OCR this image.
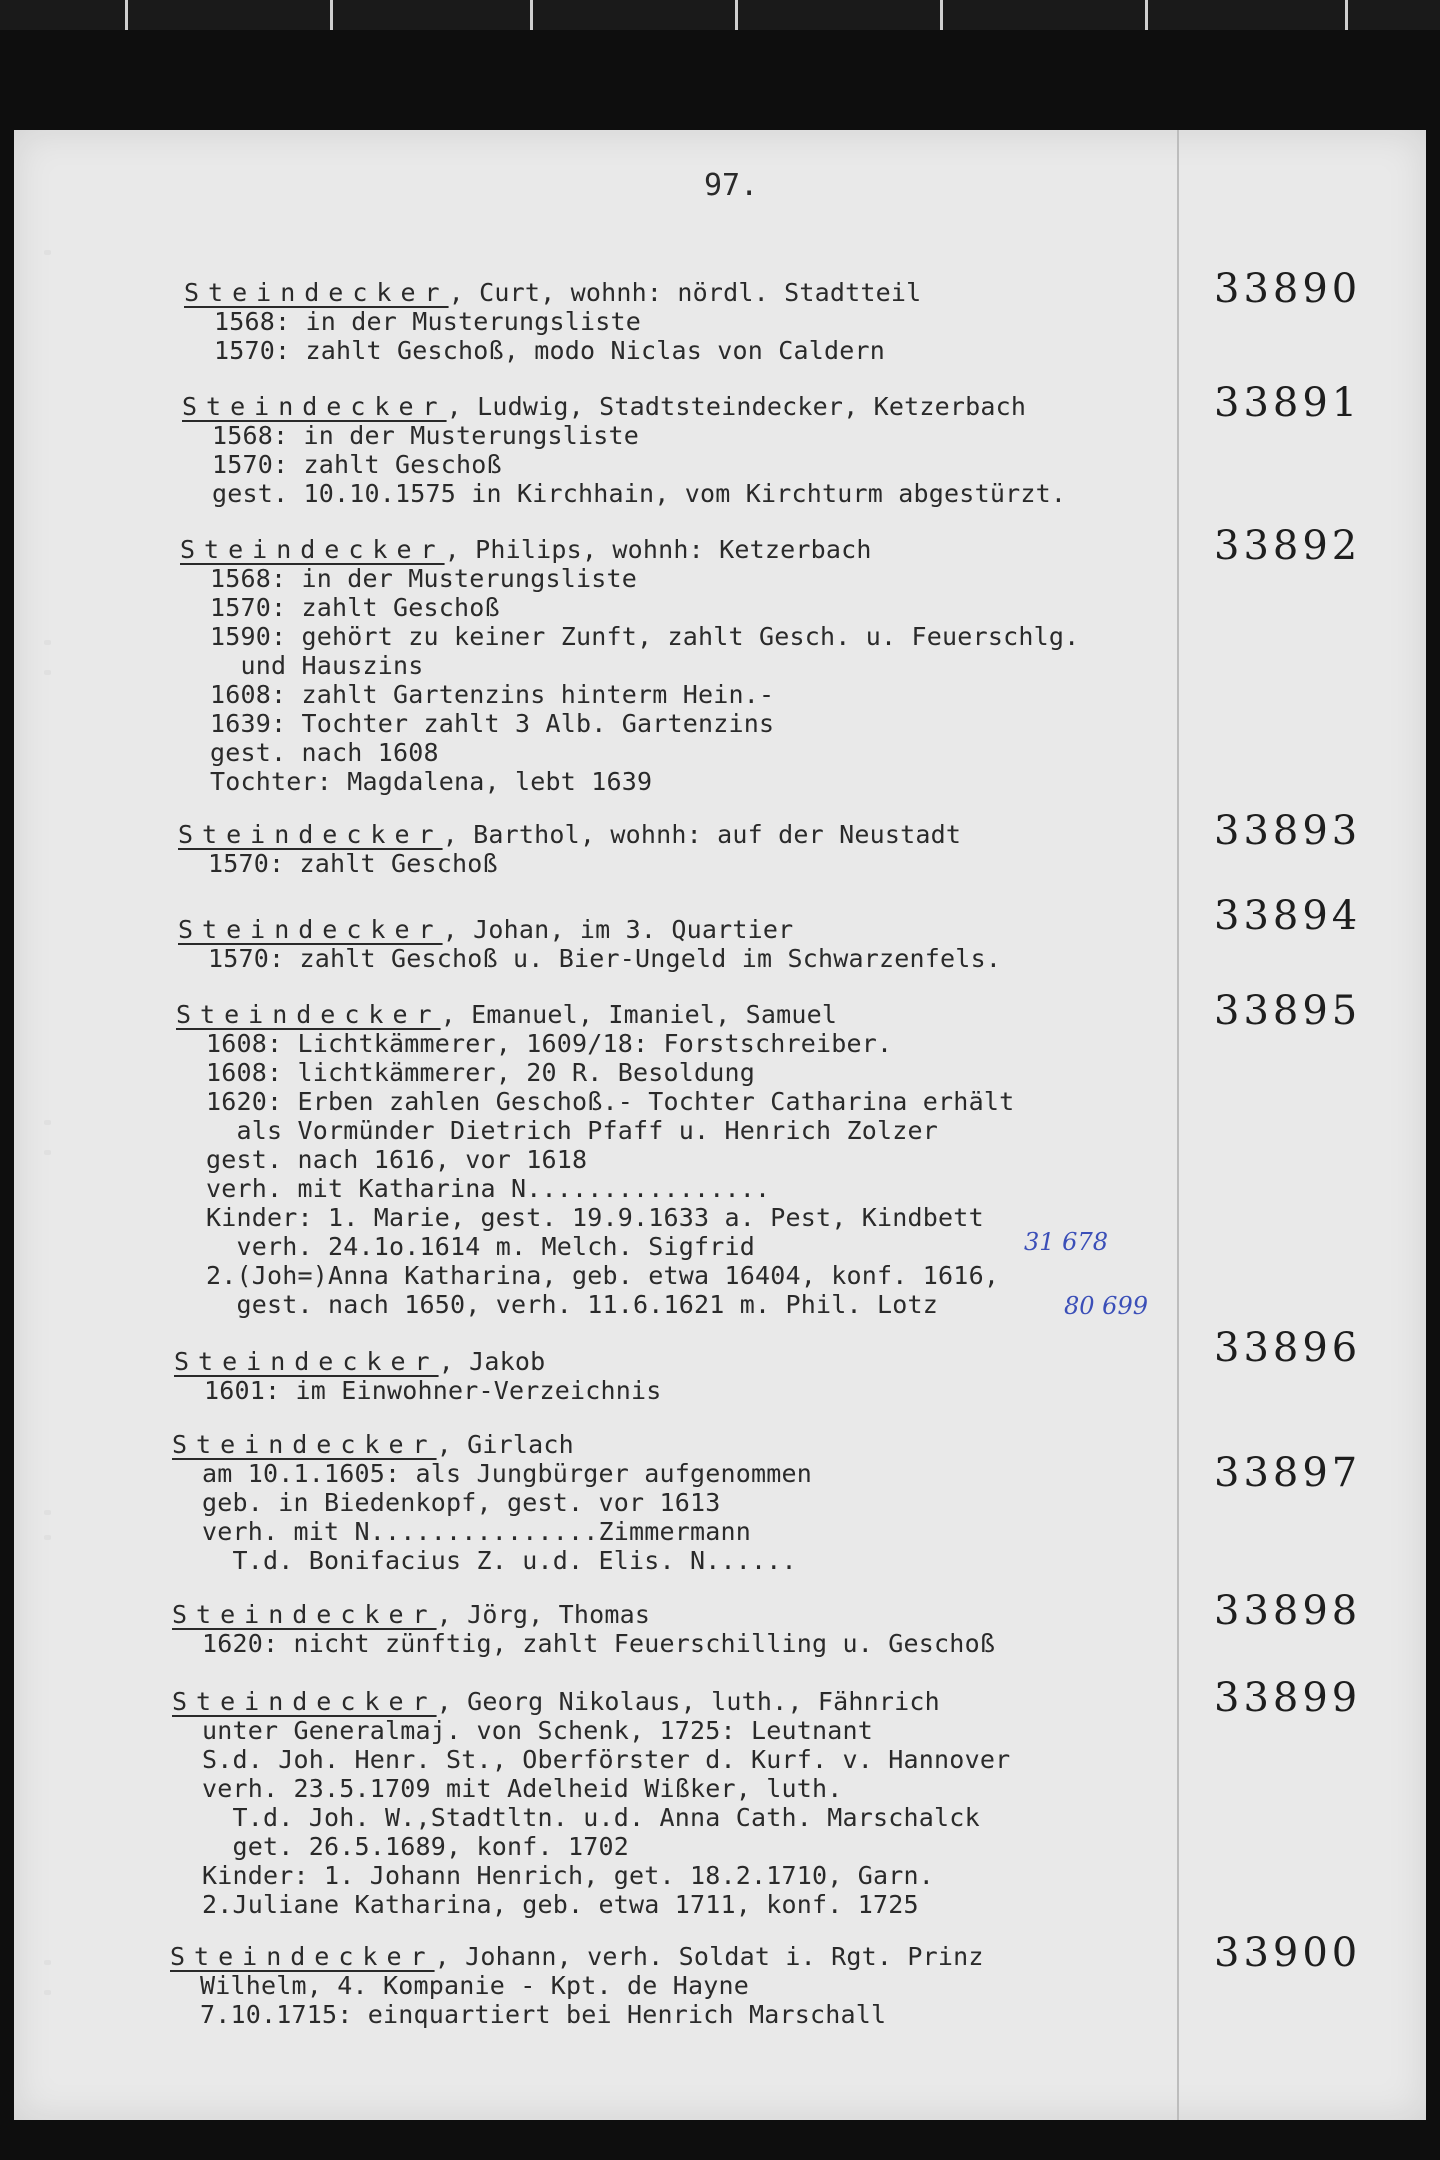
97.
Steindecker, Curt, wohnh: nördl. Stadtteil
1568: in der Musterungsliste
1570: zahlt Geschoß, modo Niclas von Caldern
33890
Steindecker, Ludwig, Stadtsteindecker, Ketzerbach
1568: in der Musterungsliste
1570: zahlt Geschoß
gest. 10.10.1575 in Kirchhain, vom Kirchturm abgestürzt.
33891
Steindecker, Philips, wohnh: Ketzerbach
1568: in der Musterungsliste
1570: zahlt Geschoß
1590: gehört zu keiner Zunft, zahlt Gesch. u. Feuerschlg.
und Hauszins
1608: zahlt Gartenzins hinterm Hein.-
1639: Tochter zahlt 3 Alb. Gartenzins
gest. nach 1608
Tochter: Magdalena, lebt 1639
33892
Steindecker, Barthol, wohnh: auf der Neustadt
1570: zahlt Geschoß
33893
Steindecker, Johan, im 3. Quartier
1570: zahlt Geschoß u. Bier-Ungeld im Schwarzenfels.
33894
Steindecker, Emanuel, Imaniel, Samuel
1608: Lichtkämmerer, 1609/18: Forstschreiber.
1608: lichtkämmerer, 20 R. Besoldung
1620: Erben zahlen Geschoß.- Tochter Catharina erhält
als Vormünder Dietrich Pfaff u. Henrich Zolzer
gest. nach 1616, vor 1618
verh. mit Katharina N................
Kinder: 1. Marie, gest. 19.9.1633 a. Pest, Kindbett
verh. 24.1o.1614 m. Melch. Sigfrid
2.(Joh=)Anna Katharina, geb. etwa 16404, konf. 1616,
gest. nach 1650, verh. 11.6.1621 m. Phil. Lotz
31 678
80 699
33895
Steindecker, Jakob
1601: im Einwohner-Verzeichnis
33896
Steindecker, Girlach
am 10.1.1605: als Jungbürger aufgenommen
geb. in Biedenkopf, gest. vor 1613
verh. mit N...............Zimmermann
T.d. Bonifacius Z. u.d. Elis. N......
33897
Steindecker, Jörg, Thomas
1620: nicht zünftig, zahlt Feuerschilling u. Geschoß
33898
Steindecker, Georg Nikolaus, luth., Fähnrich
unter Generalmaj. von Schenk, 1725: Leutnant
S.d. Joh. Henr. St., Oberförster d. Kurf. v. Hannover
verh. 23.5.1709 mit Adelheid Wißker, luth.
T.d. Joh. W.,Stadtltn. u.d. Anna Cath. Marschalck
get. 26.5.1689, konf. 1702
Kinder: 1. Johann Henrich, get. 18.2.1710, Garn.
2.Juliane Katharina, geb. etwa 1711, konf. 1725
33899
Steindecker, Johann, verh. Soldat i. Rgt. Prinz
Wilhelm, 4. Kompanie - Kpt. de Hayne
7.10.1715: einquartiert bei Henrich Marschall
33900
